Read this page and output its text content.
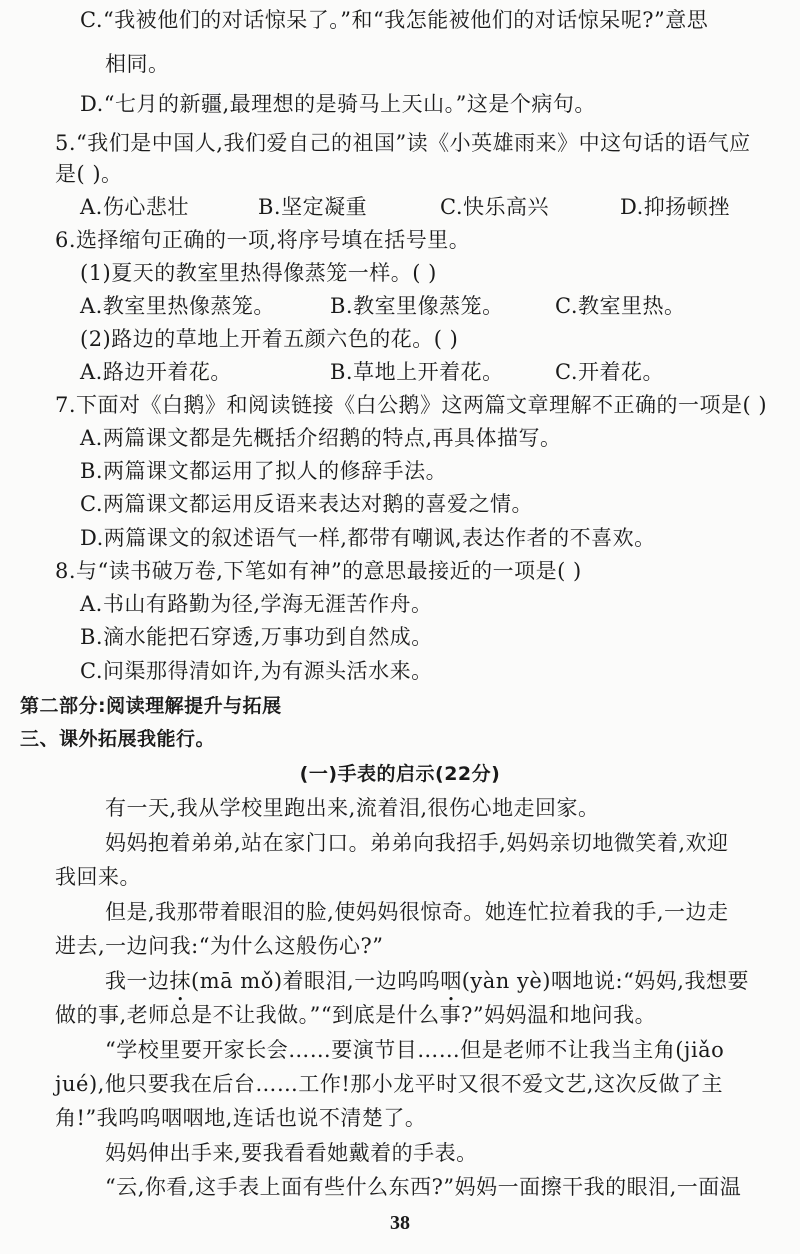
C.“我被他们的对话惊呆了。”和“我怎能被他们的对话惊呆呢?”意思
相同。
D.“七月的新疆,最理想的是骑马上天山。”这是个病句。
5.“我们是中国人,我们爱自己的祖国”读《小英雄雨来》中这句话的语气应
是( )。
A.伤心悲壮	B.坚定凝重	C.快乐高兴	D.抑扬顿挫
6.选择缩句正确的一项,将序号填在括号里。
(1)夏天的教室里热得像蒸笼一样。( )
A.教室里热像蒸笼。	B.教室里像蒸笼。 C.教室里热。
(2)路边的草地上开着五颜六色的花。( )
A.路边开着花。	B.草地上开着花。 C.开着花。
7.下面对《白鹅》和阅读链接《白公鹅》这两篇文章理解不正确的一项是( )
A.两篇课文都是先概括介绍鹅的特点,再具体描写。
B.两篇课文都运用了拟人的修辞手法。
C.两篇课文都运用反语来表达对鹅的喜爱之情。
D.两篇课文的叙述语气一样,都带有嘲讽,表达作者的不喜欢。
8.与“读书破万卷,下笔如有神”的意思最接近的一项是( )
A.书山有路勤为径,学海无涯苦作舟。
B.滴水能把石穿透,万事功到自然成。
C.问渠那得清如许,为有源头活水来。
第二部分:阅读理解提升与拓展
三、课外拓展我能行。
(一)手表的启示(22分)
有一天,我从学校里跑出来,流着泪,很伤心地走回家。
妈妈抱着弟弟,站在家门口。弟弟向我招手,妈妈亲切地微笑着,欢迎
我回来。
但是,我那带着眼泪的脸,使妈妈很惊奇。她连忙拉着我的手,一边走
进去,一边问我:“为什么这般伤心?”
我一边抹(mā mǒ)着眼泪,一边呜呜咽(yàn yè)咽地说:“妈妈,我想要
做的事,老师总是不让我做。”“到底是什么事?”妈妈温和地问我。
“学校里要开家长会……要演节目……但是老师不让我当主角(jiǎo
jué),他只要我在后台……工作!那小龙平时又很不爱文艺,这次反做了主
角!”我呜呜咽咽地,连话也说不清楚了。
妈妈伸出手来,要我看看她戴着的手表。
“云,你看,这手表上面有些什么东西?”妈妈一面擦干我的眼泪,一面温
38
